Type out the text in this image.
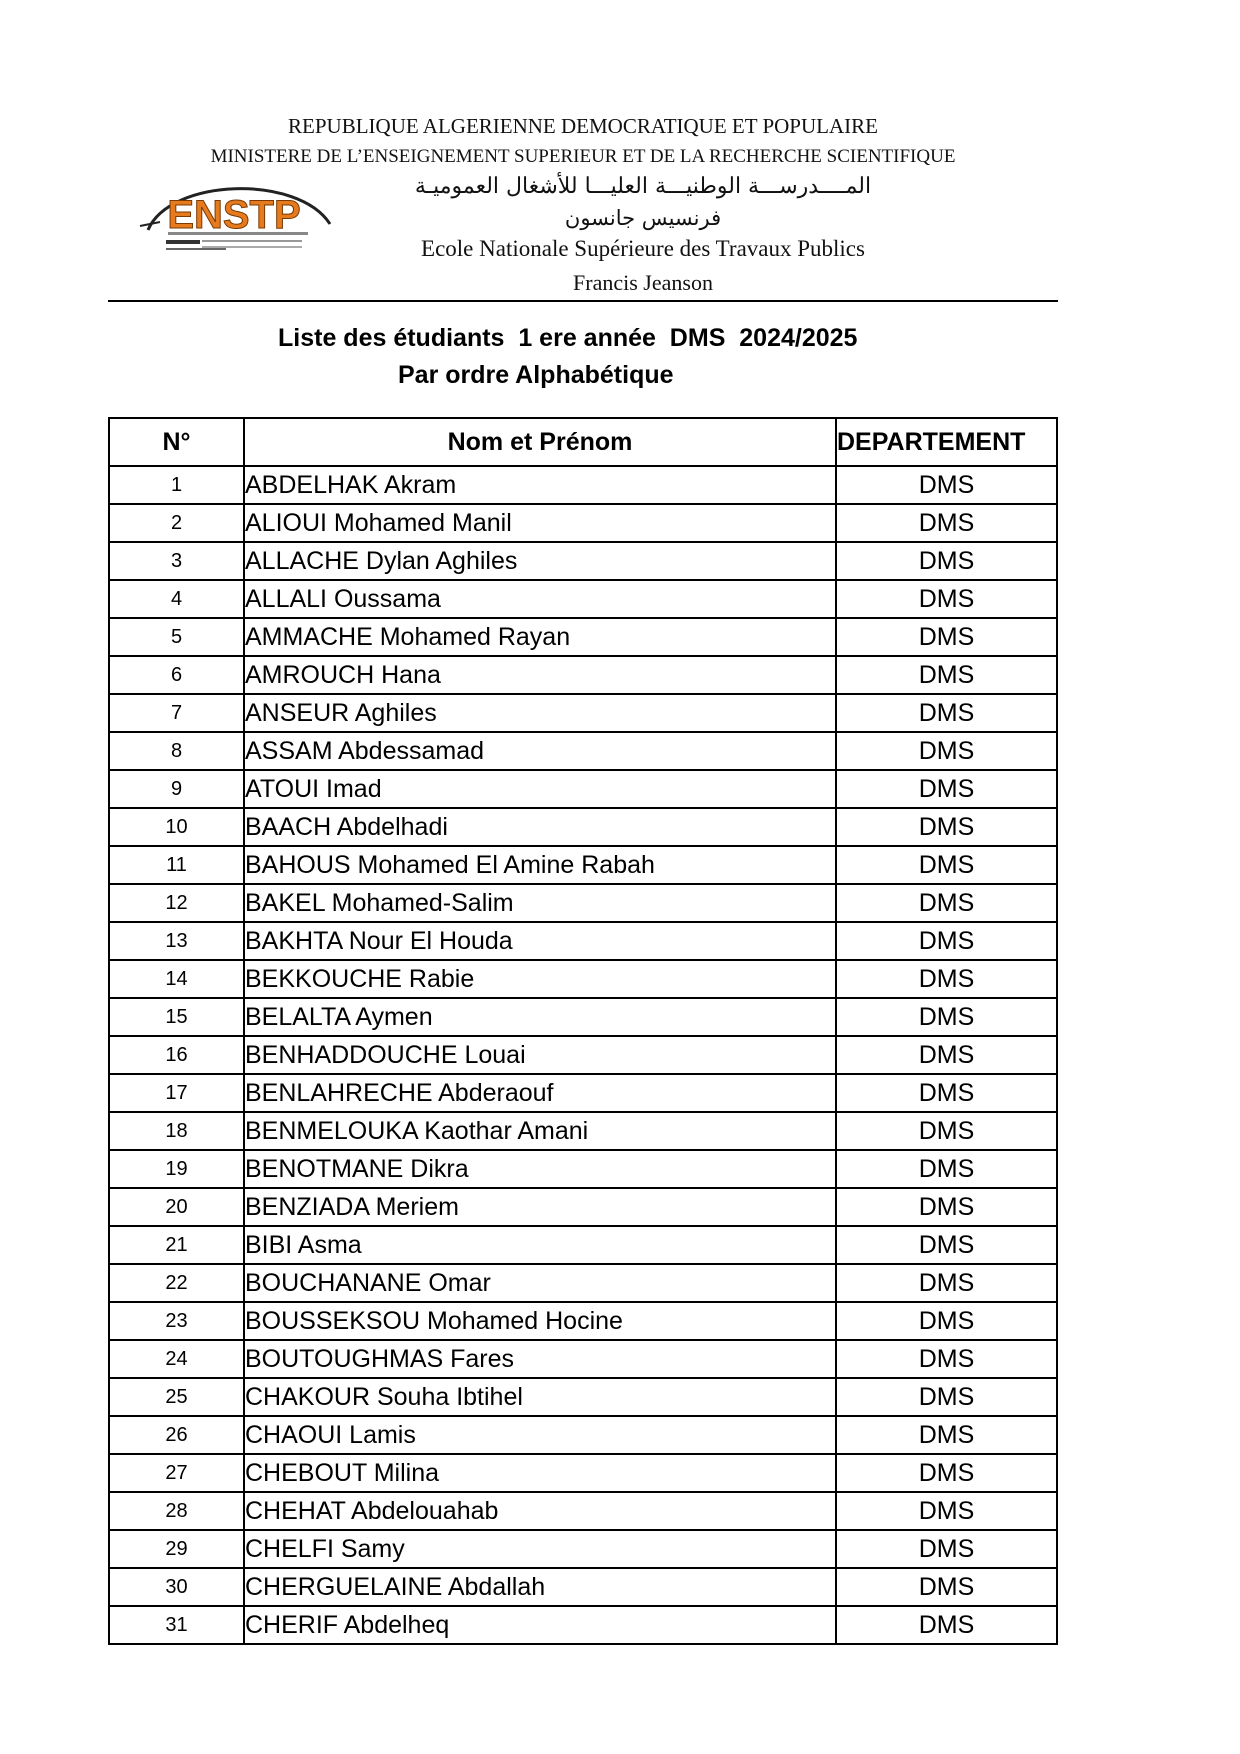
REPUBLIQUE ALGERIENNE DEMOCRATIQUE ET POPULAIRE
MINISTERE DE L’ENSEIGNEMENT SUPERIEUR ET DE LA RECHERCHE SCIENTIFIQUE
المــــدرســـة الوطنيـــة العليـــا للأشغال العموميـة
فرنسيس جانسون
Ecole Nationale Supérieure des Travaux Publics
Francis Jeanson
ENSTP
Liste des étudiants  1 ere année  DMS  2024/2025
Par ordre Alphabétique
N°	Nom et Prénom	DEPARTEMENT
1	ABDELHAK Akram	DMS
2	ALIOUI Mohamed Manil	DMS
3	ALLACHE Dylan Aghiles	DMS
4	ALLALI Oussama	DMS
5	AMMACHE Mohamed Rayan	DMS
6	AMROUCH Hana	DMS
7	ANSEUR Aghiles	DMS
8	ASSAM Abdessamad	DMS
9	ATOUI Imad	DMS
10	BAACH Abdelhadi	DMS
11	BAHOUS Mohamed El Amine Rabah	DMS
12	BAKEL Mohamed-Salim	DMS
13	BAKHTA Nour El Houda	DMS
14	BEKKOUCHE Rabie	DMS
15	BELALTA Aymen	DMS
16	BENHADDOUCHE Louai	DMS
17	BENLAHRECHE Abderaouf	DMS
18	BENMELOUKA Kaothar Amani	DMS
19	BENOTMANE Dikra	DMS
20	BENZIADA Meriem	DMS
21	BIBI Asma	DMS
22	BOUCHANANE Omar	DMS
23	BOUSSEKSOU Mohamed Hocine	DMS
24	BOUTOUGHMAS Fares	DMS
25	CHAKOUR Souha Ibtihel	DMS
26	CHAOUI Lamis	DMS
27	CHEBOUT Milina	DMS
28	CHEHAT Abdelouahab	DMS
29	CHELFI Samy	DMS
30	CHERGUELAINE Abdallah	DMS
31	CHERIF Abdelheq	DMS
